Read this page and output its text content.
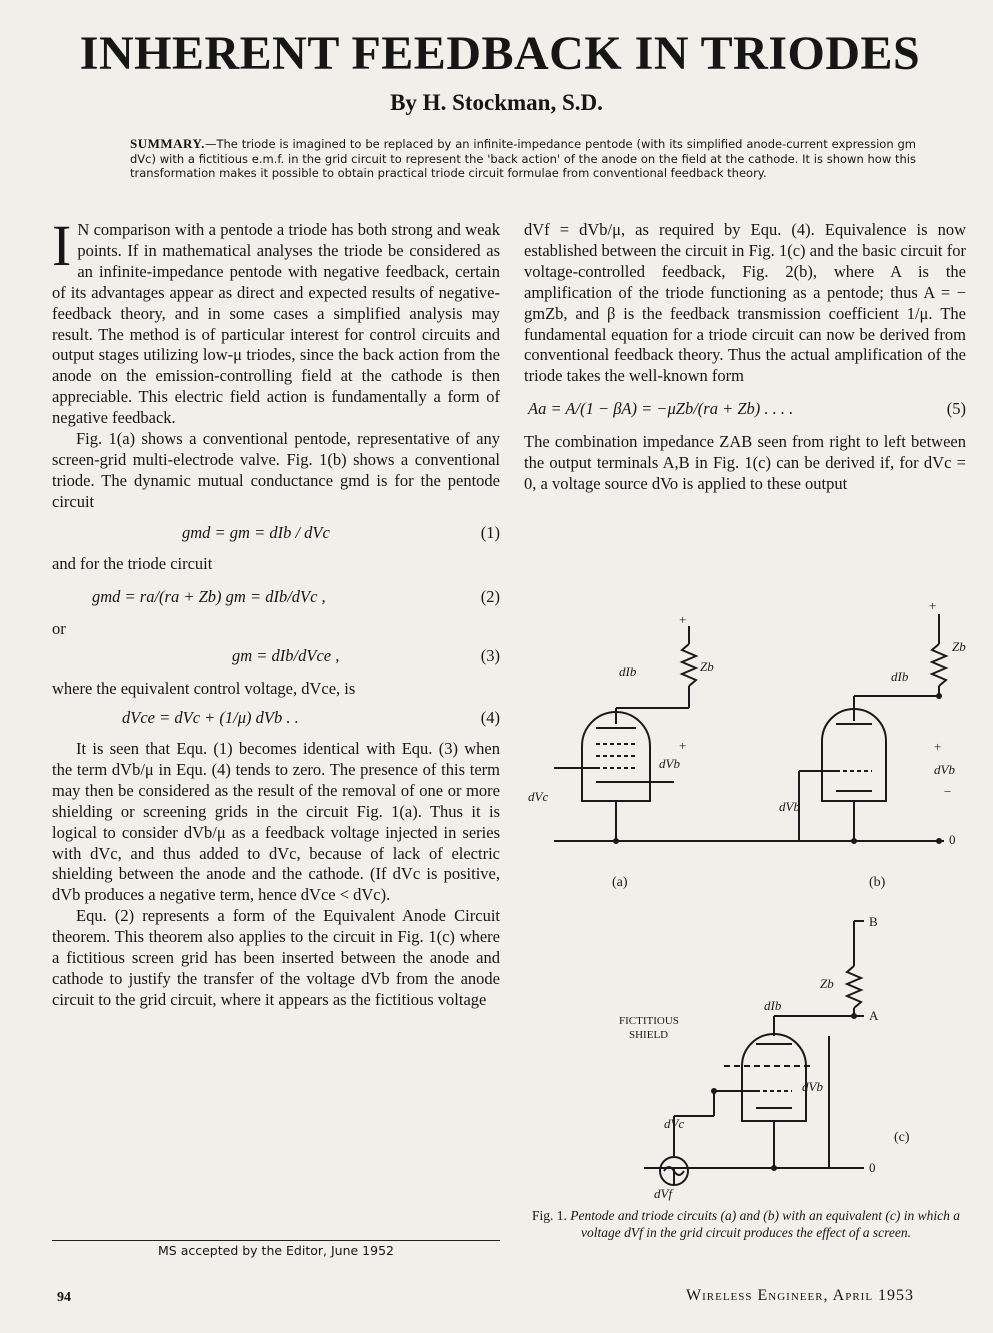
INHERENT FEEDBACK IN TRIODES
By H. Stockman, S.D.
SUMMARY.—The triode is imagined to be replaced by an infinite-impedance pentode (with its simplified anode-current expression gm dVc) with a fictitious e.m.f. in the grid circuit to represent the 'back action' of the anode on the field at the cathode. It is shown how this transformation makes it possible to obtain practical triode circuit formulae from conventional feedback theory.

I N comparison with a pentode a triode has both strong and weak points. If in mathematical analyses the triode be considered as an infinite-impedance pentode with negative feedback, certain of its advantages appear as direct and expected results of negative-feedback theory, and in some cases a simplified analysis may result. The method is of particular interest for control circuits and output stages utilizing low-μ triodes, since the back action from the anode on the emission-controlling field at the cathode is then appreciable. This electric field action is fundamentally a form of negative feedback.

Fig. 1(a) shows a conventional pentode, representative of any screen-grid multi-electrode valve. Fig. 1(b) shows a conventional triode. The dynamic mutual conductance gmd is for the pentode circuit

gmd = gm = dIb / dVc	(1)

and for the triode circuit

gmd = ra/(ra + Zb) gm = dIb/dVc ,	(2)

or

gm = dIb/dVce ,	(3)

where the equivalent control voltage, dVce, is

dVce = dVc + (1/μ) dVb . .	(4)

It is seen that Equ. (1) becomes identical with Equ. (3) when the term dVb/μ in Equ. (4) tends to zero. The presence of this term may then be considered as the result of the removal of one or more shielding or screening grids in the circuit Fig. 1(a). Thus it is logical to consider dVb/μ as a feedback voltage injected in series with dVc, and thus added to dVc, because of lack of electric shielding between the anode and the cathode. (If dVc is positive, dVb produces a negative term, hence dVce < dVc).

Equ. (2) represents a form of the Equivalent Anode Circuit theorem. This theorem also applies to the circuit in Fig. 1(c) where a fictitious screen grid has been inserted between the anode and cathode to justify the transfer of the voltage dVb from the anode circuit to the grid circuit, where it appears as the fictitious voltage

MS accepted by the Editor, June 1952

dVf = dVb/μ, as required by Equ. (4). Equivalence is now established between the circuit in Fig. 1(c) and the basic circuit for voltage-controlled feedback, Fig. 2(b), where A is the amplification of the triode functioning as a pentode; thus A = − gmZb, and β is the feedback transmission coefficient 1/μ. The fundamental equation for a triode circuit can now be derived from conventional feedback theory. Thus the actual amplification of the triode takes the well-known form

Aa = A/(1 − βA) = −μZb/(ra + Zb) . . . .	(5)

The combination impedance ZAB seen from right to left between the output terminals A,B in Fig. 1(c) can be derived if, for dVc = 0, a voltage source dVo is applied to these output

+
Zb
dIb
dVb
dVc
+
(a)
+
Zb
dIb
dVb
+
dVb
−
0
(b)
B
A
Zb
dIb
FICTITIOUS
SHIELD
dVb
dVc
dVf
0
(c)
Fig. 1. Pentode and triode circuits (a) and (b) with an equivalent (c) in which a voltage dVf in the grid circuit produces the effect of a screen.
94	Wireless Engineer, April 1953
